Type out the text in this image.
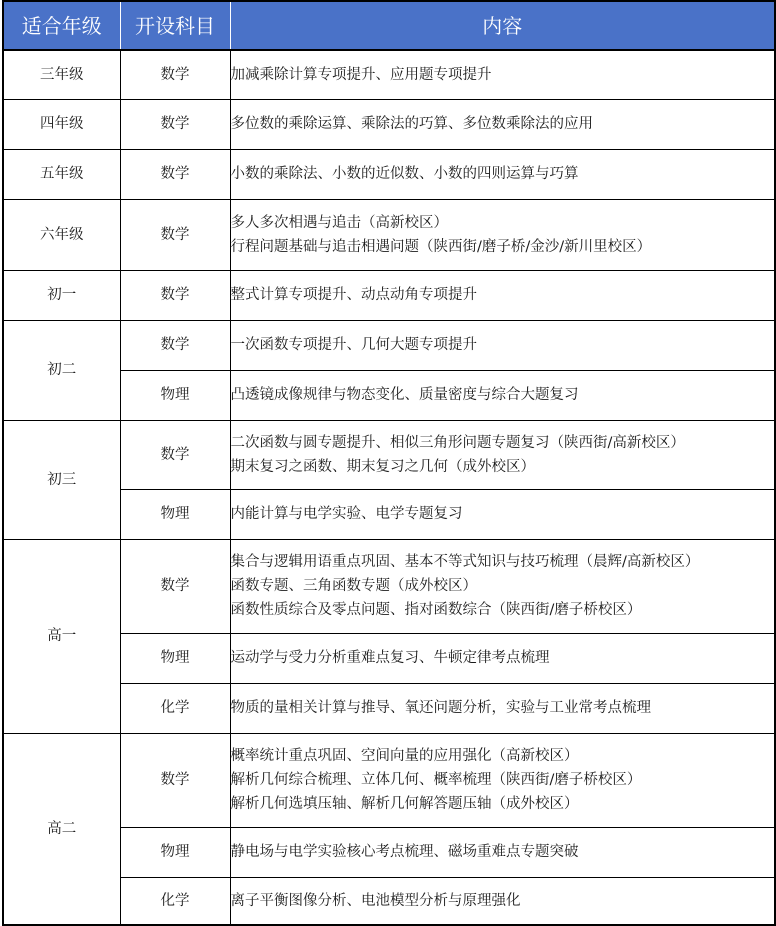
适合年级	开设科目	内容
三年级	数学	加减乘除计算专项提升、应用题专项提升

四年级	数学	多位数的乘除运算、乘除法的巧算、多位数乘除法的应用

五年级	数学	小数的乘除法、小数的近似数、小数的四则运算与巧算

六年级	数学	多人多次相遇与追击（高新校区）
行程问题基础与追击相遇问题（陕西街/磨子桥/金沙/新川里校区）

初一	数学	整式计算专项提升、动点动角专项提升

初二	数学	一次函数专项提升、几何大题专项提升

	物理	凸透镜成像规律与物态变化、质量密度与综合大题复习

初三	数学	二次函数与圆专题提升、相似三角形问题专题复习（陕西街/高新校区）
期末复习之函数、期末复习之几何（成外校区）

	物理	内能计算与电学实验、电学专题复习

高一	数学	集合与逻辑用语重点巩固、基本不等式知识与技巧梳理（晨辉/高新校区）
函数专题、三角函数专题（成外校区）
函数性质综合及零点问题、指对函数综合（陕西街/磨子桥校区）

	物理	运动学与受力分析重难点复习、牛顿定律考点梳理

	化学	物质的量相关计算与推导、氧还问题分析，实验与工业常考点梳理

高二	数学	概率统计重点巩固、空间向量的应用强化（高新校区）
解析几何综合梳理、立体几何、概率梳理（陕西街/磨子桥校区）
解析几何选填压轴、解析几何解答题压轴（成外校区）

	物理	静电场与电学实验核心考点梳理、磁场重难点专题突破

	化学	离子平衡图像分析、电池模型分析与原理强化
